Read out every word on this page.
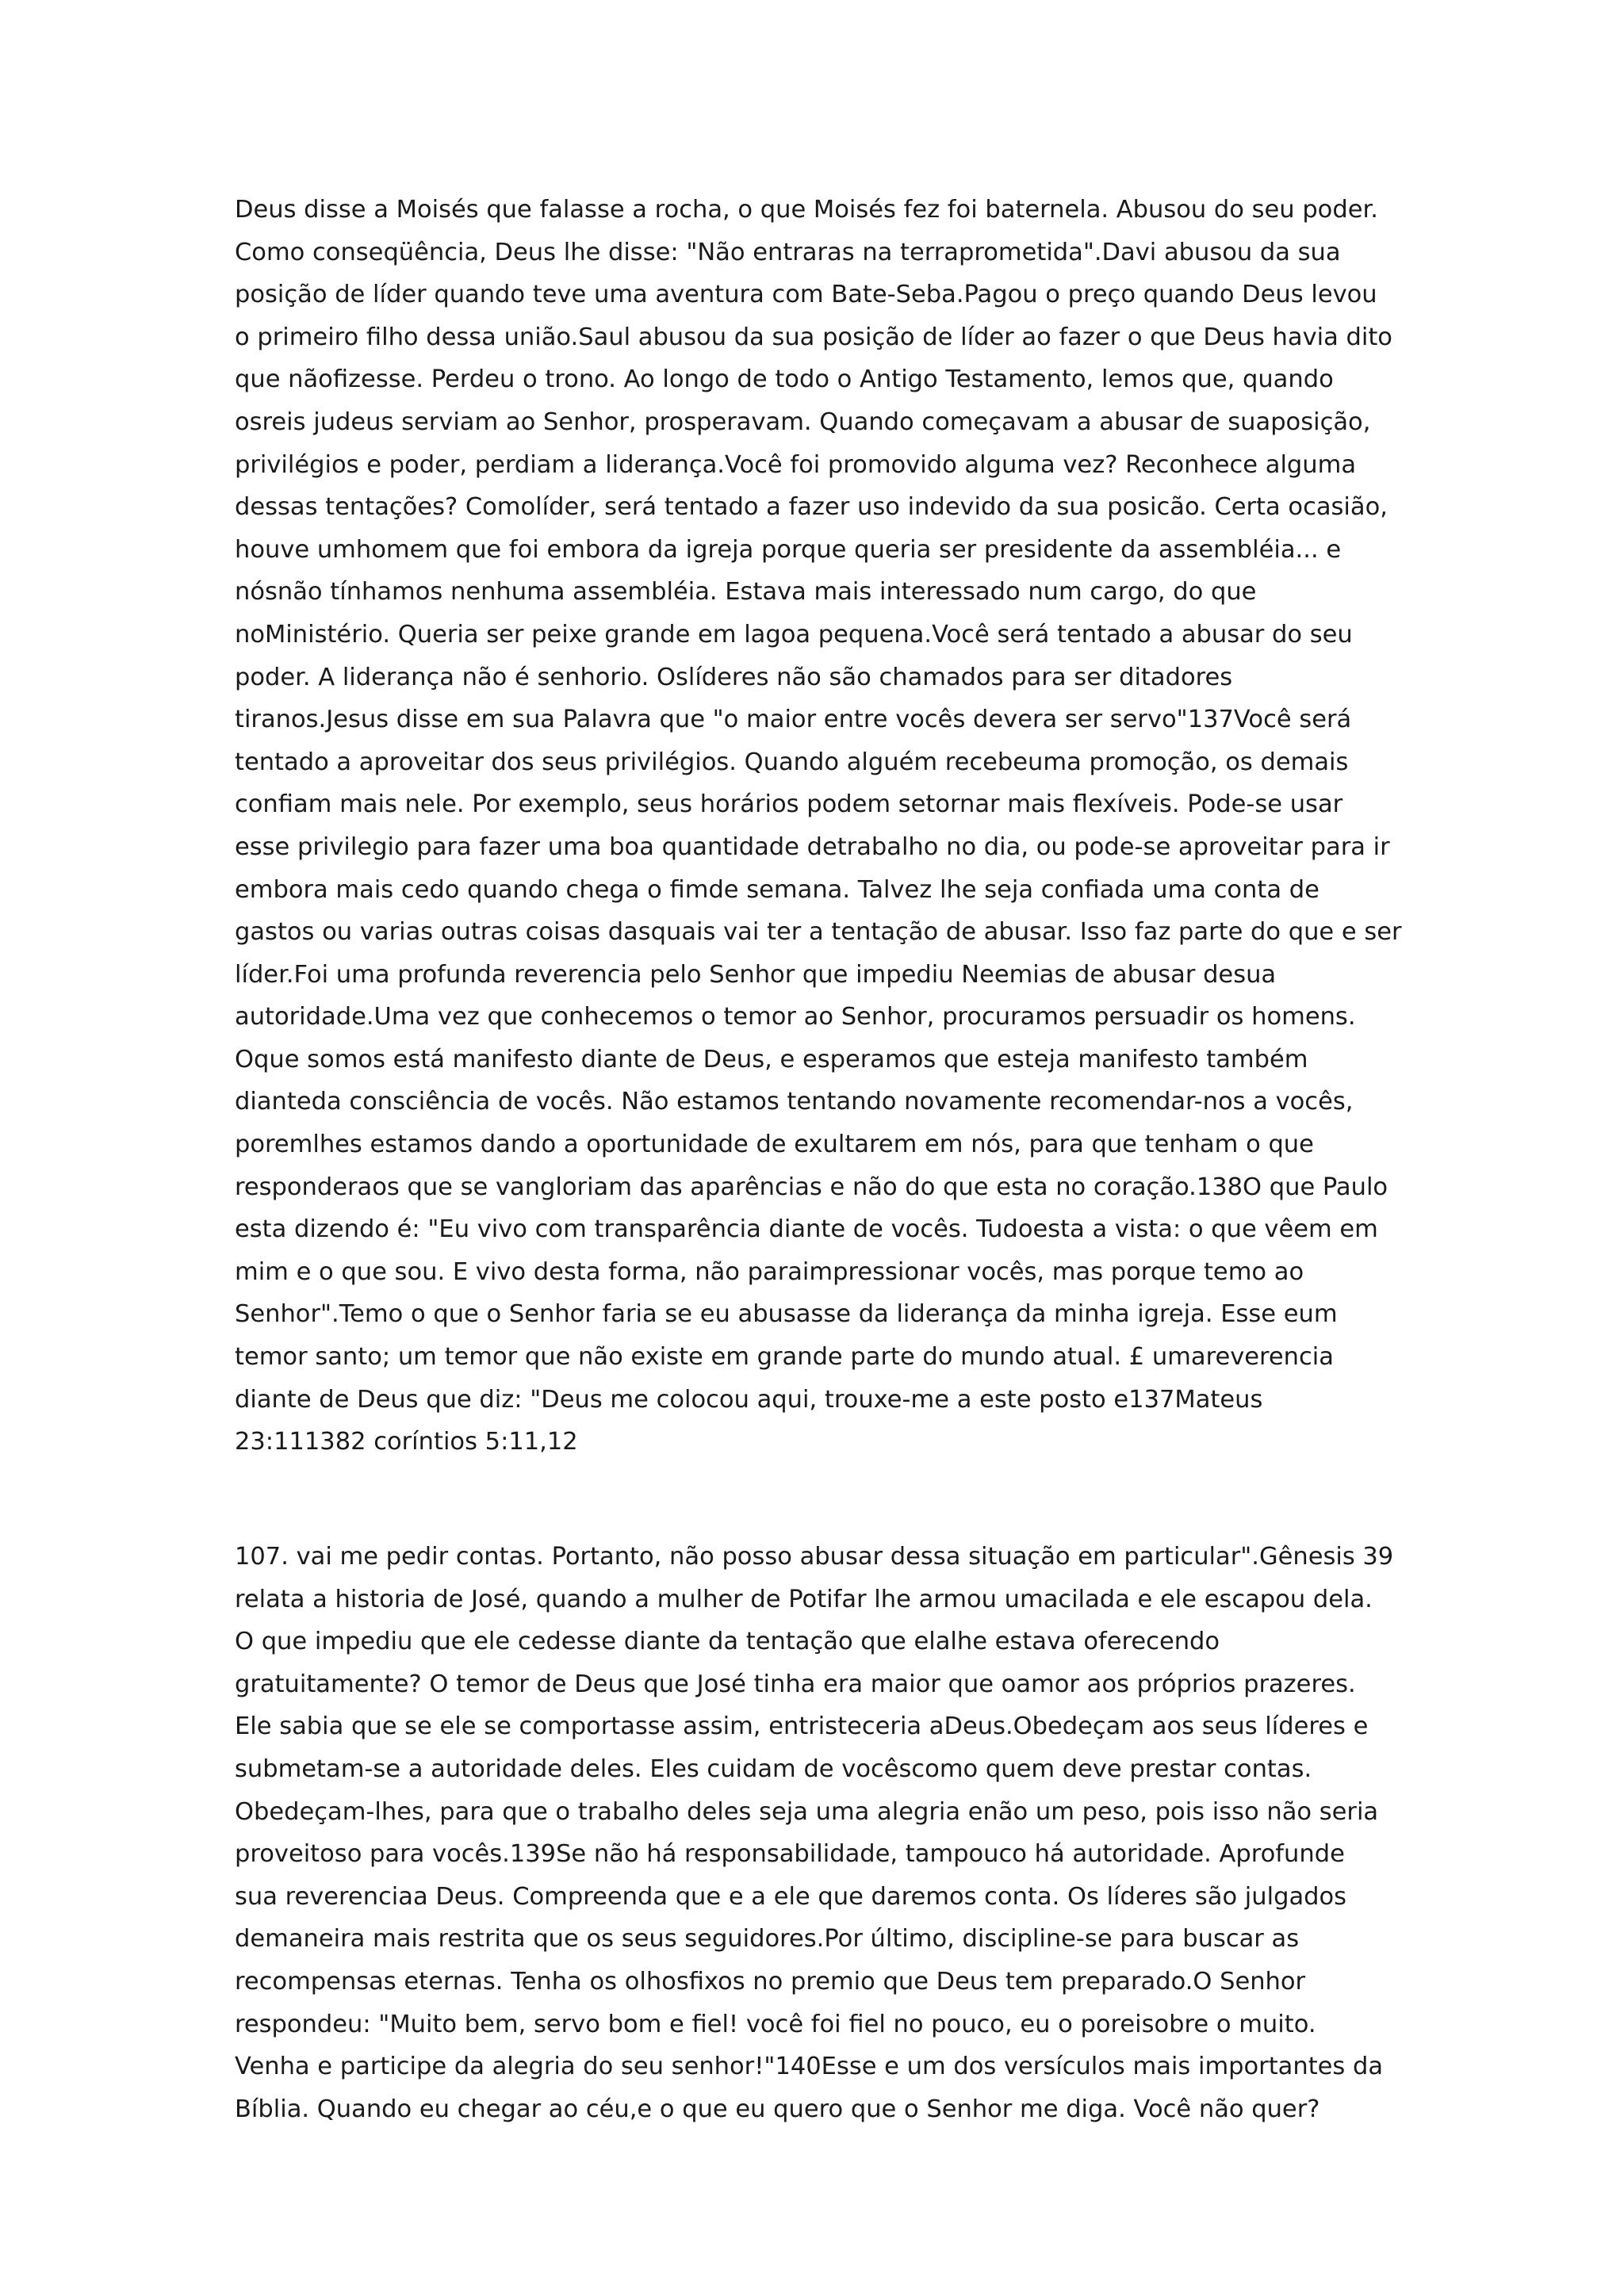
Deus disse a Moisés que falasse a rocha, o que Moisés fez foi baternela. Abusou do seu poder.
Como conseqüência, Deus lhe disse: "Não entraras na terraprometida".Davi abusou da sua
posição de líder quando teve uma aventura com Bate-Seba.Pagou o preço quando Deus levou
o primeiro filho dessa união.Saul abusou da sua posição de líder ao fazer o que Deus havia dito
que nãofizesse. Perdeu o trono. Ao longo de todo o Antigo Testamento, lemos que, quando
osreis judeus serviam ao Senhor, prosperavam. Quando começavam a abusar de suaposição,
privilégios e poder, perdiam a liderança.Você foi promovido alguma vez? Reconhece alguma
dessas tentações? Comolíder, será tentado a fazer uso indevido da sua posicão. Certa ocasião,
houve umhomem que foi embora da igreja porque queria ser presidente da assembléia... e
nósnão tínhamos nenhuma assembléia. Estava mais interessado num cargo, do que
noMinistério. Queria ser peixe grande em lagoa pequena.Você será tentado a abusar do seu
poder. A liderança não é senhorio. Oslíderes não são chamados para ser ditadores
tiranos.Jesus disse em sua Palavra que "o maior entre vocês devera ser servo"137Você será
tentado a aproveitar dos seus privilégios. Quando alguém recebeuma promoção, os demais
confiam mais nele. Por exemplo, seus horários podem setornar mais flexíveis. Pode-se usar
esse privilegio para fazer uma boa quantidade detrabalho no dia, ou pode-se aproveitar para ir
embora mais cedo quando chega o fimde semana. Talvez lhe seja confiada uma conta de
gastos ou varias outras coisas dasquais vai ter a tentação de abusar. Isso faz parte do que e ser
líder.Foi uma profunda reverencia pelo Senhor que impediu Neemias de abusar desua
autoridade.Uma vez que conhecemos o temor ao Senhor, procuramos persuadir os homens.
Oque somos está manifesto diante de Deus, e esperamos que esteja manifesto também
dianteda consciência de vocês. Não estamos tentando novamente recomendar-nos a vocês,
poremlhes estamos dando a oportunidade de exultarem em nós, para que tenham o que
responderaos que se vangloriam das aparências e não do que esta no coração.138O que Paulo
esta dizendo é: "Eu vivo com transparência diante de vocês. Tudoesta a vista: o que vêem em
mim e o que sou. E vivo desta forma, não paraimpressionar vocês, mas porque temo ao
Senhor".Temo o que o Senhor faria se eu abusasse da liderança da minha igreja. Esse eum
temor santo; um temor que não existe em grande parte do mundo atual. £ umareverencia
diante de Deus que diz: "Deus me colocou aqui, trouxe-me a este posto e137Mateus
23:111382 coríntios 5:11,12
107. vai me pedir contas. Portanto, não posso abusar dessa situação em particular".Gênesis 39
relata a historia de José, quando a mulher de Potifar lhe armou umacilada e ele escapou dela.
O que impediu que ele cedesse diante da tentação que elalhe estava oferecendo
gratuitamente? O temor de Deus que José tinha era maior que oamor aos próprios prazeres.
Ele sabia que se ele se comportasse assim, entristeceria aDeus.Obedeçam aos seus líderes e
submetam-se a autoridade deles. Eles cuidam de vocêscomo quem deve prestar contas.
Obedeçam-lhes, para que o trabalho deles seja uma alegria enão um peso, pois isso não seria
proveitoso para vocês.139Se não há responsabilidade, tampouco há autoridade. Aprofunde
sua reverenciaa Deus. Compreenda que e a ele que daremos conta. Os líderes são julgados
demaneira mais restrita que os seus seguidores.Por último, discipline-se para buscar as
recompensas eternas. Tenha os olhosfixos no premio que Deus tem preparado.O Senhor
respondeu: "Muito bem, servo bom e fiel! você foi fiel no pouco, eu o poreisobre o muito.
Venha e participe da alegria do seu senhor!"140Esse e um dos versículos mais importantes da
Bíblia. Quando eu chegar ao céu,e o que eu quero que o Senhor me diga. Você não quer?
